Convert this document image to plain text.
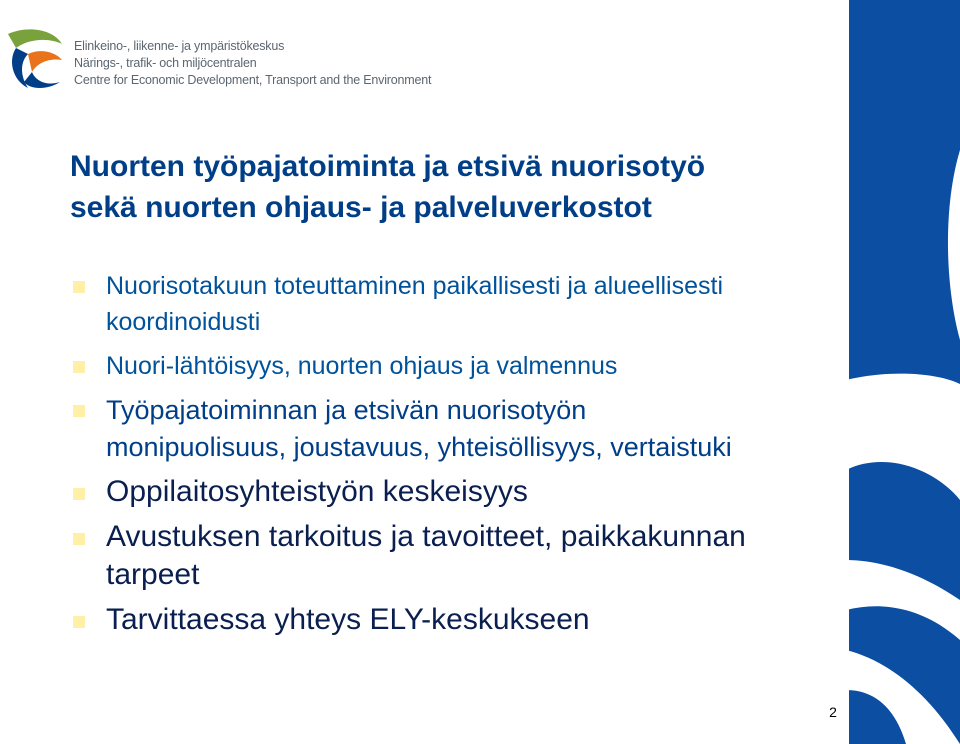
Elinkeino-, liikenne- ja ympäristökeskus
Närings-, trafik- och miljöcentralen
Centre for Economic Development, Transport and the Environment
Nuorten työpajatoiminta ja etsivä nuorisotyö sekä nuorten ohjaus- ja palveluverkostot
Nuorisotakuun toteuttaminen paikallisesti ja alueellisesti koordinoidusti
Nuori-lähtöisyys, nuorten ohjaus ja valmennus
Työpajatoiminnan ja etsivän nuorisotyön monipuolisuus, joustavuus, yhteisöllisyys, vertaistuki
Oppilaitosyhteistyön keskeisyys
Avustuksen tarkoitus ja tavoitteet, paikkakunnan tarpeet
Tarvittaessa yhteys ELY-keskukseen
2
